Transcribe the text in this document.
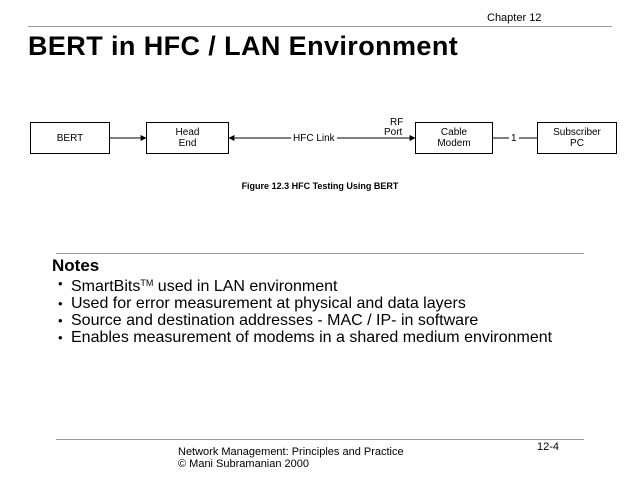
Chapter 12
BERT in HFC / LAN Environment
BERT	Head
End
Cable
Modem
Subscriber
PC
HFC Link
RF
Port
1
Figure 12.3 HFC Testing Using BERT
Notes
• SmartBits™ used in LAN environment
• Used for error measurement at physical and data layers
• Source and destination addresses - MAC / IP- in software
• Enables measurement of modems in a shared medium environment
Network Management: Principles and Practice
© Mani Subramanian 2000
12-4
